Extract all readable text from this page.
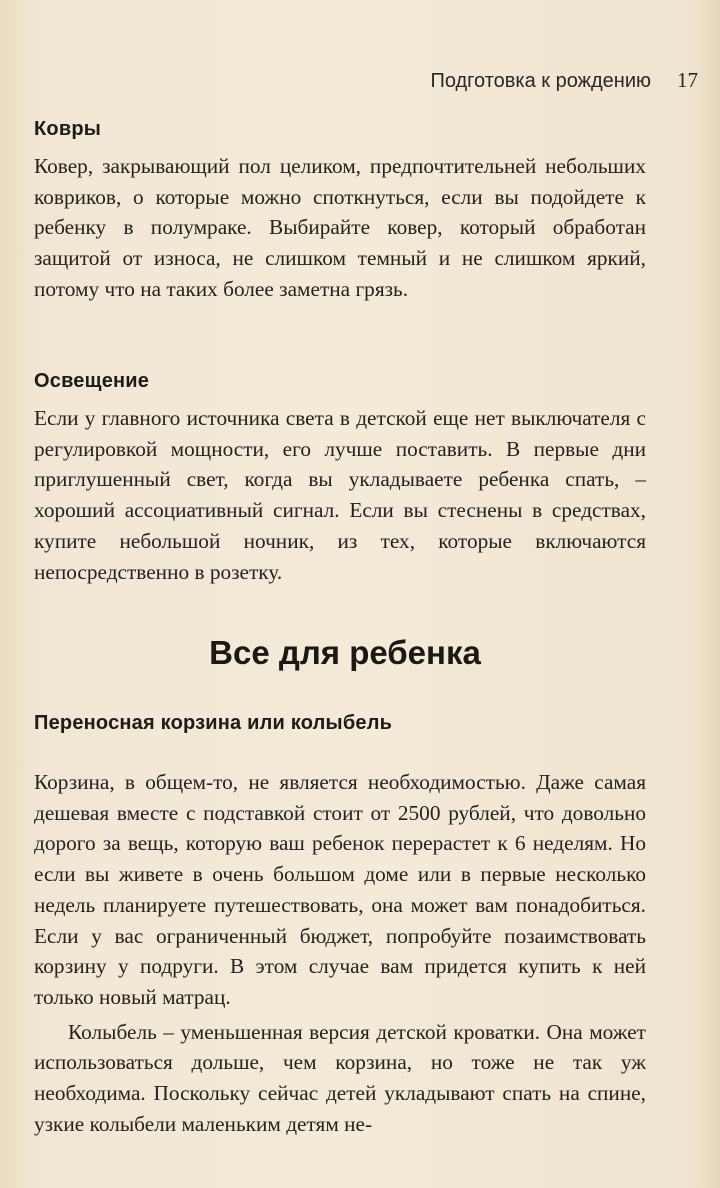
Подготовка к рождению 17
Ковры

Ковер, закрывающий пол целиком, предпочтительней небольших ковриков, о которые можно споткнуться, если вы подойдете к ребенку в полумраке. Выбирайте ковер, который обработан защитой от износа, не слишком темный и не слишком яркий, потому что на таких более заметна грязь.

Освещение

Если у главного источника света в детской еще нет выключателя с регулировкой мощности, его лучше поставить. В первые дни приглушенный свет, когда вы укладываете ребенка спать, – хороший ассоциативный сигнал. Если вы стеснены в средствах, купите небольшой ночник, из тех, которые включаются непосредственно в розетку.

Все для ребенка
Переносная корзина или колыбель

Корзина, в общем-то, не является необходимостью. Даже самая дешевая вместе с подставкой стоит от 2500 рублей, что довольно дорого за вещь, которую ваш ребенок перерастет к 6 неделям. Но если вы живете в очень большом доме или в первые несколько недель планируете путешествовать, она может вам понадобиться. Если у вас ограниченный бюджет, попробуйте позаимствовать корзину у подруги. В этом случае вам придется купить к ней только новый матрац.

Колыбель – уменьшенная версия детской кроватки. Она может использоваться дольше, чем корзина, но тоже не так уж необходима. Поскольку сейчас детей укладывают спать на спине, узкие колыбели маленьким детям не-
